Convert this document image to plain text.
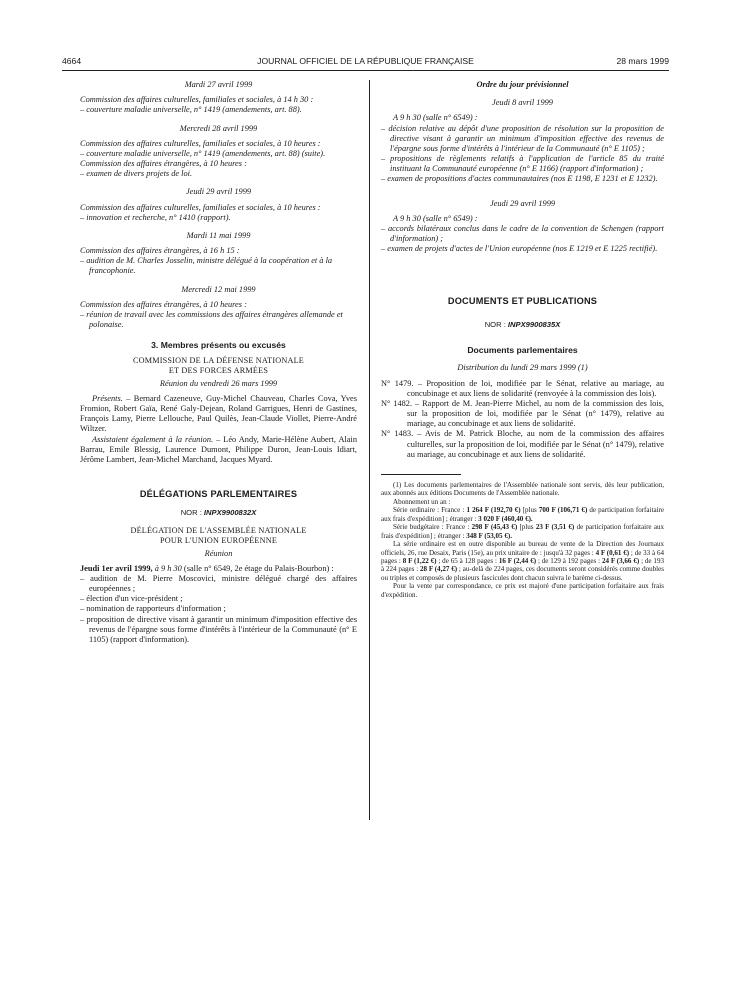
4664	JOURNAL OFFICIEL DE LA RÉPUBLIQUE FRANÇAISE	28 mars 1999

Mardi 27 avril 1999

Commission des affaires culturelles, familiales et sociales, à 14 h 30 :

– couverture maladie universelle, n° 1419 (amendements, art. 88).

Mercredi 28 avril 1999

Commission des affaires culturelles, familiales et sociales, à 10 heures :

– couverture maladie universelle, n° 1419 (amendements, art. 88) (suite).

Commission des affaires étrangères, à 10 heures :

– examen de divers projets de loi.

Jeudi 29 avril 1999

Commission des affaires culturelles, familiales et sociales, à 10 heures :

– innovation et recherche, n° 1410 (rapport).

Mardi 11 mai 1999

Commission des affaires étrangères, à 16 h 15 :

– audition de M. Charles Josselin, ministre délégué à la coopération et à la francophonie.

Mercredi 12 mai 1999

Commission des affaires étrangères, à 10 heures :

– réunion de travail avec les commissions des affaires étrangères allemande et polonaise.

3. Membres présents ou excusés

COMMISSION DE LA DÉFENSE NATIONALE

ET DES FORCES ARMÉES

Réunion du vendredi 26 mars 1999

Présents. – Bernard Cazeneuve, Guy-Michel Chauveau, Charles Cova, Yves Fromion, Robert Gaïa, René Galy-Dejean, Roland Garrigues, Henri de Gastines, François Lamy, Pierre Lellouche, Paul Quilès, Jean-Claude Viollet, Pierre-André Wiltzer.

Assistaient également à la réunion. – Léo Andy, Marie-Hélène Aubert, Alain Barrau, Emile Blessig, Laurence Dumont, Philippe Duron, Jean-Louis Idiart, Jérôme Lambert, Jean-Michel Marchand, Jacques Myard.

DÉLÉGATIONS PARLEMENTAIRES

NOR : INPX9900832X

DÉLÉGATION DE L'ASSEMBLÉE NATIONALE

POUR L'UNION EUROPÉENNE

Réunion

Jeudi 1er avril 1999, à 9 h 30 (salle n° 6549, 2e étage du Palais-Bourbon) :

– audition de M. Pierre Moscovici, ministre délégué chargé des affaires européennes ;

– élection d'un vice-président ;

– nomination de rapporteurs d'information ;

– proposition de directive visant à garantir un minimum d'imposition effective des revenus de l'épargne sous forme d'intérêts à l'intérieur de la Communauté (n° E 1105) (rapport d'information).

Ordre du jour prévisionnel

Jeudi 8 avril 1999

A 9 h 30 (salle n° 6549) :

– décision relative au dépôt d'une proposition de résolution sur la proposition de directive visant à garantir un minimum d'imposition effective des revenus de l'épargne sous forme d'intérêts à l'intérieur de la Communauté (n° E 1105) ;

– propositions de règlements relatifs à l'application de l'article 85 du traité instituant la Communauté européenne (n° E 1166) (rapport d'information) ;

– examen de propositions d'actes communautaires (nos E 1198, E 1231 et E 1232).

Jeudi 29 avril 1999

A 9 h 30 (salle n° 6549) :

– accords bilatéraux conclus dans le cadre de la convention de Schengen (rapport d'information) ;

– examen de projets d'actes de l'Union européenne (nos E 1219 et E 1225 rectifié).

DOCUMENTS ET PUBLICATIONS

NOR : INPX9900835X

Documents parlementaires

Distribution du lundi 29 mars 1999 (1)

N° 1479. – Proposition de loi, modifiée par le Sénat, relative au mariage, au concubinage et aux liens de solidarité (renvoyée à la commission des lois).

N° 1482. – Rapport de M. Jean-Pierre Michel, au nom de la commission des lois, sur la proposition de loi, modifiée par le Sénat (n° 1479), relative au mariage, au concubinage et aux liens de solidarité.

N° 1483. – Avis de M. Patrick Bloche, au nom de la commission des affaires culturelles, sur la proposition de loi, modifiée par le Sénat (n° 1479), relative au mariage, au concubinage et aux liens de solidarité.

(1) Les documents parlementaires de l'Assemblée nationale sont servis, dès leur publication, aux abonnés aux éditions Documents de l'Assemblée nationale.

Abonnement un an :

Série ordinaire : France : 1 264 F (192,70 €) [plus 700 F (106,71 €) de participation forfaitaire aux frais d'expédition] ; étranger : 3 020 F (460,40 €).

Série budgétaire : France : 298 F (45,43 €) [plus 23 F (3,51 €) de participation forfaitaire aux frais d'expédition] ; étranger : 348 F (53,05 €).

La série ordinaire est en outre disponible au bureau de vente de la Direction des Journaux officiels, 26, rue Desaix, Paris (15e), au prix unitaire de : jusqu'à 32 pages : 4 F (0,61 €) ; de 33 à 64 pages : 8 F (1,22 €) ; de 65 à 128 pages : 16 F (2,44 €) ; de 129 à 192 pages : 24 F (3,66 €) ; de 193 à 224 pages : 28 F (4,27 €) ; au-delà de 224 pages, ces documents seront considérés comme doubles ou triples et composés de plusieurs fascicules dont chacun suivra le barème ci-dessus.

Pour la vente par correspondance, ce prix est majoré d'une participation forfaitaire aux frais d'expédition.
